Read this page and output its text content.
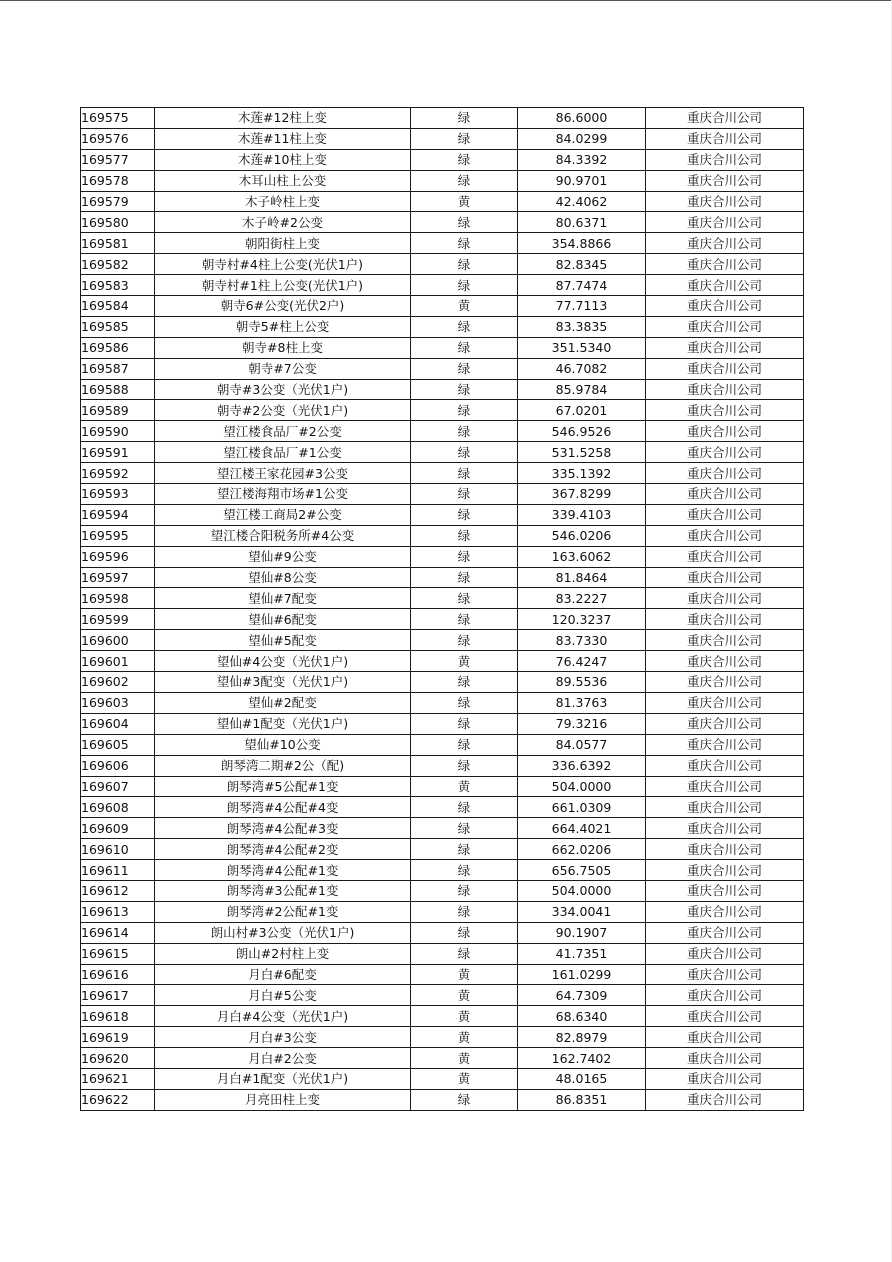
169575	木莲#12柱上变	绿	86.6000	重庆合川公司
169576	木莲#11柱上变	绿	84.0299	重庆合川公司
169577	木莲#10柱上变	绿	84.3392	重庆合川公司
169578	木耳山柱上公变	绿	90.9701	重庆合川公司
169579	木子岭柱上变	黄	42.4062	重庆合川公司
169580	木子岭#2公变	绿	80.6371	重庆合川公司
169581	朝阳街柱上变	绿	354.8866	重庆合川公司
169582	朝寺村#4柱上公变(光伏1户)	绿	82.8345	重庆合川公司
169583	朝寺村#1柱上公变(光伏1户)	绿	87.7474	重庆合川公司
169584	朝寺6#公变(光伏2户)	黄	77.7113	重庆合川公司
169585	朝寺5#柱上公变	绿	83.3835	重庆合川公司
169586	朝寺#8柱上变	绿	351.5340	重庆合川公司
169587	朝寺#7公变	绿	46.7082	重庆合川公司
169588	朝寺#3公变（光伏1户)	绿	85.9784	重庆合川公司
169589	朝寺#2公变（光伏1户)	绿	67.0201	重庆合川公司
169590	望江楼食品厂#2公变	绿	546.9526	重庆合川公司
169591	望江楼食品厂#1公变	绿	531.5258	重庆合川公司
169592	望江楼王家花园#3公变	绿	335.1392	重庆合川公司
169593	望江楼海翔市场#1公变	绿	367.8299	重庆合川公司
169594	望江楼工商局2#公变	绿	339.4103	重庆合川公司
169595	望江楼合阳税务所#4公变	绿	546.0206	重庆合川公司
169596	望仙#9公变	绿	163.6062	重庆合川公司
169597	望仙#8公变	绿	81.8464	重庆合川公司
169598	望仙#7配变	绿	83.2227	重庆合川公司
169599	望仙#6配变	绿	120.3237	重庆合川公司
169600	望仙#5配变	绿	83.7330	重庆合川公司
169601	望仙#4公变（光伏1户)	黄	76.4247	重庆合川公司
169602	望仙#3配变（光伏1户)	绿	89.5536	重庆合川公司
169603	望仙#2配变	绿	81.3763	重庆合川公司
169604	望仙#1配变（光伏1户)	绿	79.3216	重庆合川公司
169605	望仙#10公变	绿	84.0577	重庆合川公司
169606	朗琴湾二期#2公（配)	绿	336.6392	重庆合川公司
169607	朗琴湾#5公配#1变	黄	504.0000	重庆合川公司
169608	朗琴湾#4公配#4变	绿	661.0309	重庆合川公司
169609	朗琴湾#4公配#3变	绿	664.4021	重庆合川公司
169610	朗琴湾#4公配#2变	绿	662.0206	重庆合川公司
169611	朗琴湾#4公配#1变	绿	656.7505	重庆合川公司
169612	朗琴湾#3公配#1变	绿	504.0000	重庆合川公司
169613	朗琴湾#2公配#1变	绿	334.0041	重庆合川公司
169614	朗山村#3公变（光伏1户)	绿	90.1907	重庆合川公司
169615	朗山#2村柱上变	绿	41.7351	重庆合川公司
169616	月白#6配变	黄	161.0299	重庆合川公司
169617	月白#5公变	黄	64.7309	重庆合川公司
169618	月白#4公变（光伏1户)	黄	68.6340	重庆合川公司
169619	月白#3公变	黄	82.8979	重庆合川公司
169620	月白#2公变	黄	162.7402	重庆合川公司
169621	月白#1配变（光伏1户)	黄	48.0165	重庆合川公司
169622	月亮田柱上变	绿	86.8351	重庆合川公司
